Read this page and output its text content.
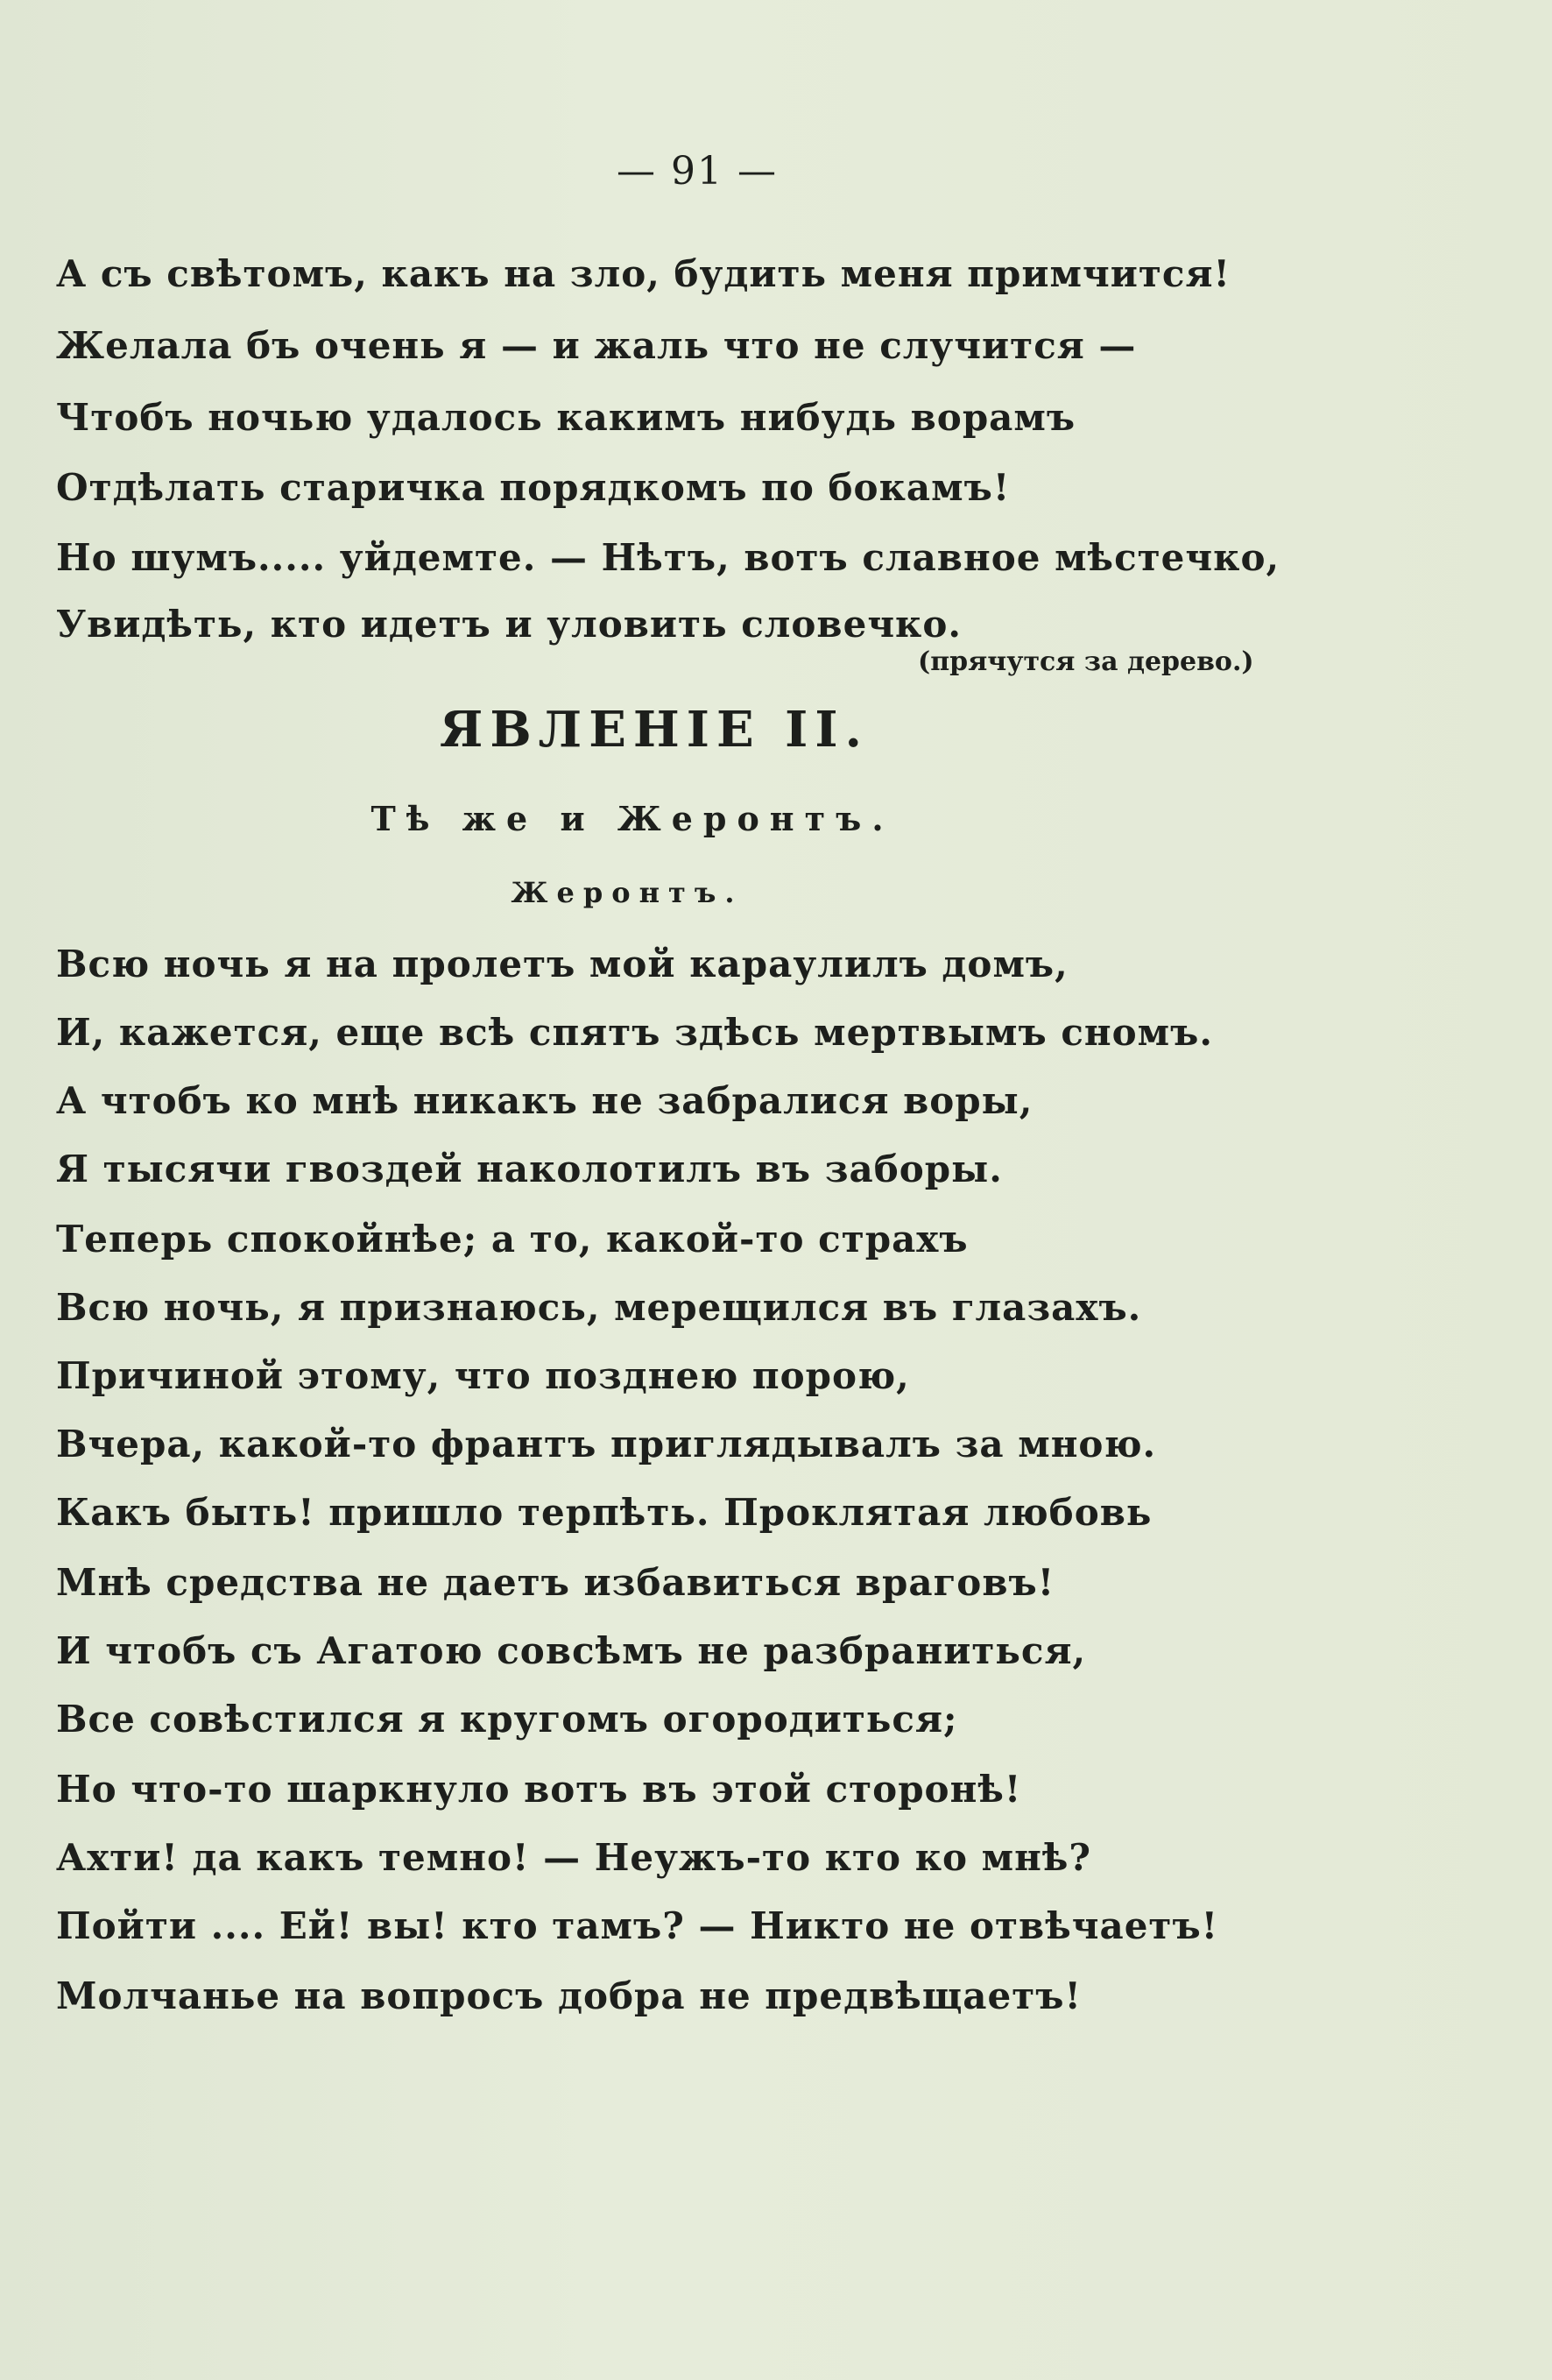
— 91 —
А съ свѣтомъ, какъ на зло, будить меня примчится!
Желала бъ очень я — и жаль что не случится —
Чтобъ ночью удалось какимъ нибудь ворамъ
Отдѣлать старичка порядкомъ по бокамъ!
Но шумъ..... уйдемте. — Нѣтъ, вотъ славное мѣстечко,
Увидѣть, кто идетъ и уловить словечко.
(прячутся за дерево.)
ЯВЛЕНІЕ II.
Тѣ же и Жеронтъ.
Жеронтъ.
Всю ночь я на пролетъ мой караулилъ домъ,
И, кажется, еще всѣ спятъ здѣсь мертвымъ сномъ.
А чтобъ ко мнѣ никакъ не забралися воры,
Я тысячи гвоздей наколотилъ въ заборы.
Теперь спокойнѣе; а то, какой-то страхъ
Всю ночь, я признаюсь, мерещился въ глазахъ.
Причиной этому, что позднею порою,
Вчера, какой-то франтъ приглядывалъ за мною.
Какъ быть! пришло терпѣть. Проклятая любовь
Мнѣ средства не даетъ избавиться враговъ!
И чтобъ съ Агатою совсѣмъ не разбраниться,
Все совѣстился я кругомъ огородиться;
Но что-то шаркнуло вотъ въ этой сторонѣ!
Ахти! да какъ темно! — Неужъ-то кто ко мнѣ?
Пойти .... Ей! вы! кто тамъ? — Никто не отвѣчаетъ!
Молчанье на вопросъ добра не предвѣщаетъ!
